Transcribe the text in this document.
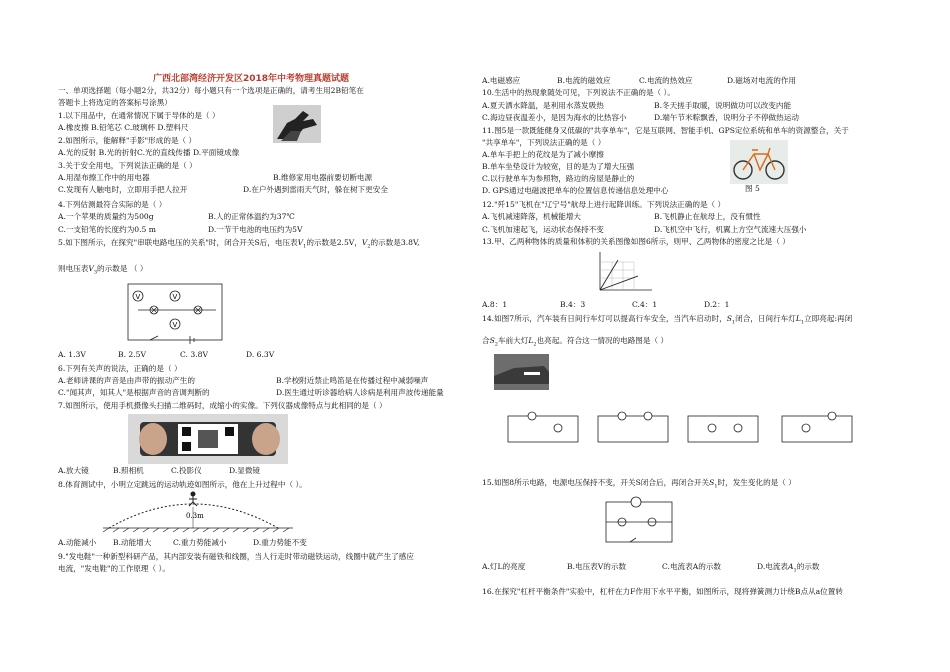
广西北部湾经济开发区2018年中考物理真题试题
一、单项选择题（每小题2分，共32分）每小题只有一个选项是正确的，请考生用2B铅笔在
答题卡上将选定的答案标号涂黑）
1.以下用品中，在通常情况下属于导体的是（ ）
A.橡皮擦 B.铅笔芯 C.玻璃杯 D.塑料尺
2.如图所示，能解释"手影"形成的是（ ）
A.光的反射 B.光的折射C.光的直线传播 D.平面镜成像
3.关于安全用电，下列说法正确的是（ ）
A.用湿布擦工作中的用电器	B.维修家用电器前要切断电源
C.发现有人触电时，立即用手把人拉开	D.在户外遇到雷雨天气时，躲在树下更安全
4.下列估测最符合实际的是（ ）
A.一个苹果的质量约为500g	B.人的正常体温约为37℃
C.一支铅笔的长度约为0.5 m	D.一节干电池的电压约为5V
5.如下图所示，在探究"串联电路电压的关系"时，闭合开关S后，电压表$V_1$的示数是2.5V，$V_2$的示数是3.8V,
则电压表$V_3$的示数是 （ ）
V	V
V
A. 1.3V	B. 2.5V	C. 3.8V	D. 6.3V
6.下列有关声的说法，正确的是（ ）
A.老师讲课的声音是由声带的振动产生的	B.学校附近禁止鸣笛是在传播过程中减弱噪声
C."闻其声，知其人"是根据声音的音调判断的	D.医生通过听诊器给病人诊病是利用声波传递能量
7.如图所示，使用手机摄像头扫描二维码时，成缩小的实像。下列仪器成像特点与此相同的是（ ）
A.放大镜	B.照相机	C.投影仪	D.显微镜
8.体育测试中，小明立定跳远的运动轨迹如图所示，他在上升过程中（ ）。
0.3m
A.动能减小 B.动能增大	C.重力势能减小	D.重力势能不变
9."发电鞋"一种新型科研产品，其内部安装有磁铁和线圈，当人行走时带动磁铁运动，线圈中就产生了感应
电流，"发电鞋"的工作原理（ ）。
A.电磁感应	B.电流的磁效应	C.电流的热效应	D.磁场对电流的作用
10.生活中的热现象随处可见，下列说法不正确的是（ ）。
A.夏天洒水降温，是利用水蒸发吸热	B.冬天搓手取暖，说明做功可以改变内能
C.海边昼夜温差小，是因为海水的比热容小	D.端午节米粽飘香，说明分子不停做热运动
11.图5是一款既能健身又低碳的"共享单车"，它是互联网、智能手机、GPS定位系统和单车的资源整合，关于
"共享单车"，下列说法正确的是（ ）
A.单车手把上的花纹是为了减小摩擦
B.单车坐垫设计为较宽，目的是为了增大压强
C.以行驶单车为参照物，路边的房屋是静止的
D. GPS通过电磁波把单车的位置信息传递信息处理中心	图 5
12."歼15"飞机在"辽宁号"航母上进行起降训练。下列说法正确的是（ ）
A.飞机减速降落，机械能增大	B.飞机静止在航母上，没有惯性
C.飞机加速起飞，运动状态保持不变	D.飞机空中飞行，机翼上方空气流速大压强小
13.甲、乙两种物体的质量和体积的关系图像如图6所示，则甲、乙两物体的密度之比是（ ）
A.8：1	B.4：3	C.4：1	D.2：1
14.如图7所示，汽车装有日间行车灯可以提高行车安全，当汽车启动时，$S_1$闭合，日间行车灯$L_1$立即亮起:再闭
合$S_2$车前大灯$L_2$也亮起。符合这一情况的电路图是（ ）
15.如图8所示电路，电源电压保持不变，开关S闭合后，再闭合开关$S_1$时，发生变化的是（ ）
A.灯L的亮度	B.电压表V的示数	C.电流表A的示数	D.电流表$A_1$的示数
16.在探究"杠杆平衡条件"实验中，杠杆在力F作用下水平平衡，如图所示，现将弹簧测力计绕B点从a位置转
